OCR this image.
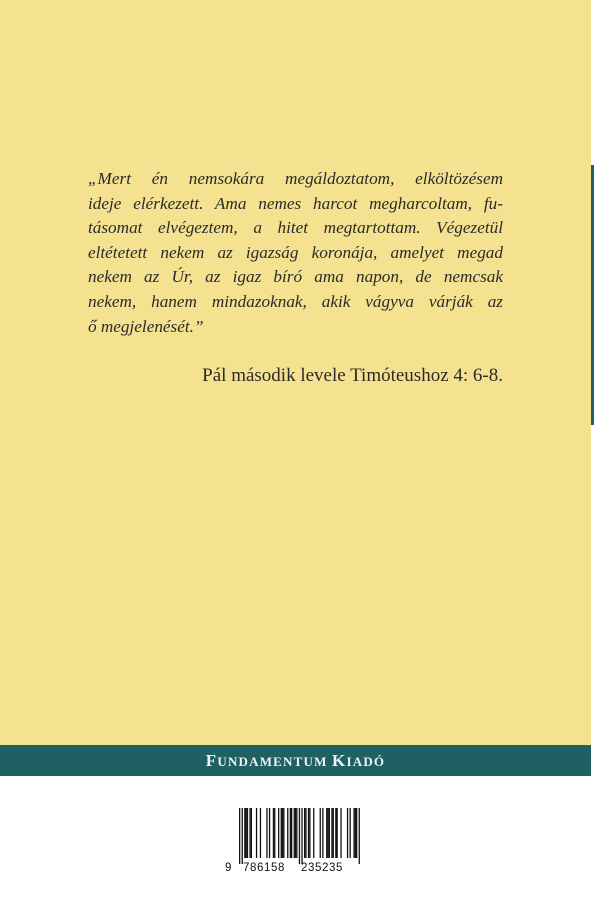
„Mert én nemsokára megáldoztatom, elköltözésem
ideje elérkezett. Ama nemes harcot megharcoltam, fu-
tásomat elvégeztem, a hitet megtartottam. Végezetül
eltétetett nekem az igazság koronája, amelyet megad
nekem az Úr, az igaz bíró ama napon, de nemcsak
nekem, hanem mindazoknak, akik vágyva várják az
ő megjelenését.”
Pál második levele Timóteushoz 4: 6-8.
FUNDAMENTUM KIADÓ
9 786158 235235
